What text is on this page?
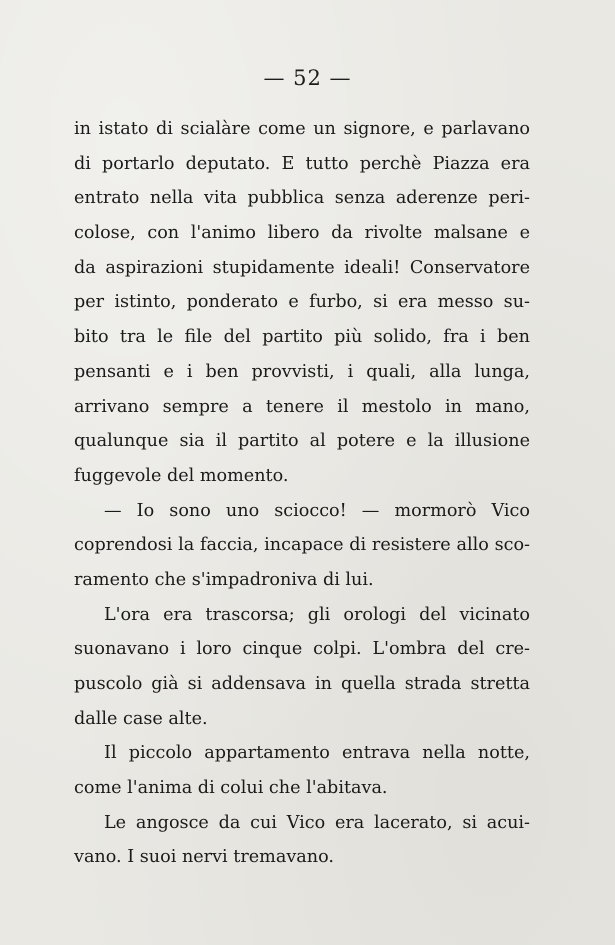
— 52 —
in istato di scialàre come un signore, e parlavano
di portarlo deputato. E tutto perchè Piazza era
entrato nella vita pubblica senza aderenze peri-
colose, con l'animo libero da rivolte malsane e
da aspirazioni stupidamente ideali! Conservatore
per istinto, ponderato e furbo, si era messo su-
bito tra le file del partito più solido, fra i ben
pensanti e i ben provvisti, i quali, alla lunga,
arrivano sempre a tenere il mestolo in mano,
qualunque sia il partito al potere e la illusione
fuggevole del momento.
— Io sono uno sciocco! — mormorò Vico
coprendosi la faccia, incapace di resistere allo sco-
ramento che s'impadroniva di lui.
L'ora era trascorsa; gli orologi del vicinato
suonavano i loro cinque colpi. L'ombra del cre-
puscolo già si addensava in quella strada stretta
dalle case alte.
Il piccolo appartamento entrava nella notte,
come l'anima di colui che l'abitava.
Le angosce da cui Vico era lacerato, si acui-
vano. I suoi nervi tremavano.
